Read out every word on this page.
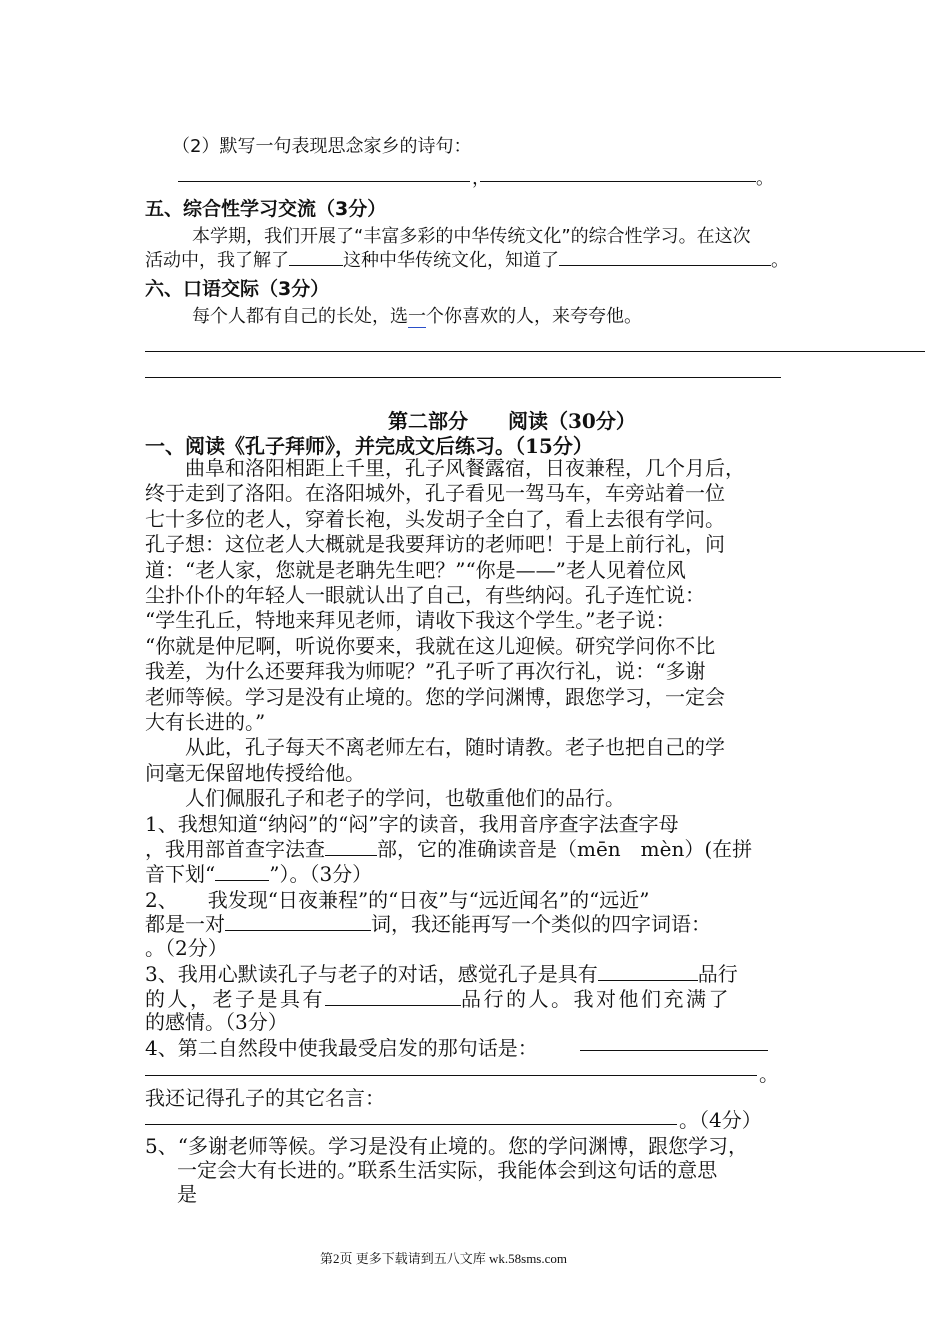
（2）默写一句表现思念家乡的诗句：
，	。
五、综合性学习交流（3分）
本学期，我们开展了“丰富多彩的中华传统文化”的综合性学习。在这次
活动中，我了解了	这种中华传统文化，知道了	。
六、口语交际（3分）
每个人都有自己的长处，选一个你喜欢的人，来夸夸他。
第二部分　　阅读（30分）
一、阅读《孔子拜师》，并完成文后练习。（15分）
　　曲阜和洛阳相距上千里，孔子风餐露宿，日夜兼程，几个月后，
终于走到了洛阳。在洛阳城外，孔子看见一驾马车，车旁站着一位
七十多位的老人，穿着长袍，头发胡子全白了，看上去很有学问。
孔子想：这位老人大概就是我要拜访的老师吧！于是上前行礼，问
道：“老人家，您就是老聃先生吧？”“你是——”老人见着位风
尘扑仆仆的年轻人一眼就认出了自己，有些纳闷。孔子连忙说：
“学生孔丘，特地来拜见老师，请收下我这个学生。”老子说：
“你就是仲尼啊，听说你要来，我就在这儿迎候。研究学问你不比
我差，为什么还要拜我为师呢？”孔子听了再次行礼，说：“多谢
老师等候。学习是没有止境的。您的学问渊博，跟您学习，一定会
大有长进的。”
　　从此，孔子每天不离老师左右，随时请教。老子也把自己的学
问毫无保留地传授给他。
　　人们佩服孔子和老子的学问，也敬重他们的品行。
1、我想知道“纳闷”的“闷”字的读音，我用音序查字法查字母
，我用部首查字法查	部，它的准确读音是（mēn　mèn）(在拼
音下划“	”）。（3分）
2、　　我发现“日夜兼程”的“日夜”与“远近闻名”的“远近”
都是一对	词，我还能再写一个类似的四字词语：
。（2分）
3、我用心默读孔子与老子的对话，感觉孔子是具有	品行
的人，老子是具有	品行的人。我对他们充满了
的感情。（3分）
4、第二自然段中使我最受启发的那句话是：
。
我还记得孔子的其它名言：
。（4分）
5、“多谢老师等候。学习是没有止境的。您的学问渊博，跟您学习，
一定会大有长进的。”联系生活实际，我能体会到这句话的意思
是
第2页 更多下载请到五八文库 wk.58sms.com
